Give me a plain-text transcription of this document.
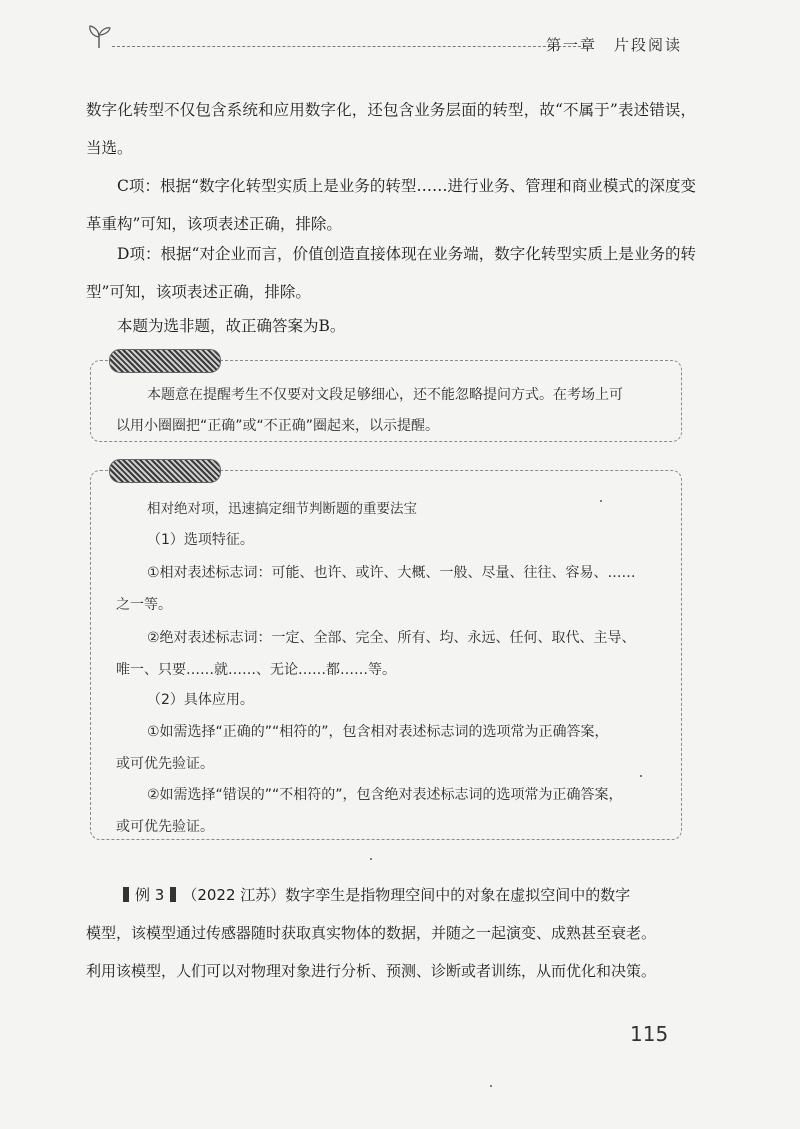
第一章　片段阅读
数字化转型不仅包含系统和应用数字化，还包含业务层面的转型，故“不属于”表述错误，当选。
C项：根据“数字化转型实质上是业务的转型……进行业务、管理和商业模式的深度变革重构”可知，该项表述正确，排除。
D项：根据“对企业而言，价值创造直接体现在业务端，数字化转型实质上是业务的转型”可知，该项表述正确，排除。
本题为选非题，故正确答案为B。
本题意在提醒考生不仅要对文段足够细心，还不能忽略提问方式。在考场上可
以用小圈圈把“正确”或“不正确”圈起来，以示提醒。
相对绝对项，迅速搞定细节判断题的重要法宝
（1）选项特征。
①相对表述标志词：可能、也许、或许、大概、一般、尽量、往往、容易、……
之一等。
②绝对表述标志词：一定、全部、完全、所有、均、永远、任何、取代、主导、
唯一、只要……就……、无论……都……等。
（2）具体应用。
①如需选择“正确的”“相符的”，包含相对表述标志词的选项常为正确答案，
或可优先验证。
②如需选择“错误的”“不相符的”，包含绝对表述标志词的选项常为正确答案，
或可优先验证。
例 3 （2022 江苏）数字孪生是指物理空间中的对象在虚拟空间中的数字
模型，该模型通过传感器随时获取真实物体的数据，并随之一起演变、成熟甚至衰老。
利用该模型，人们可以对物理对象进行分析、预测、诊断或者训练，从而优化和决策。
115
